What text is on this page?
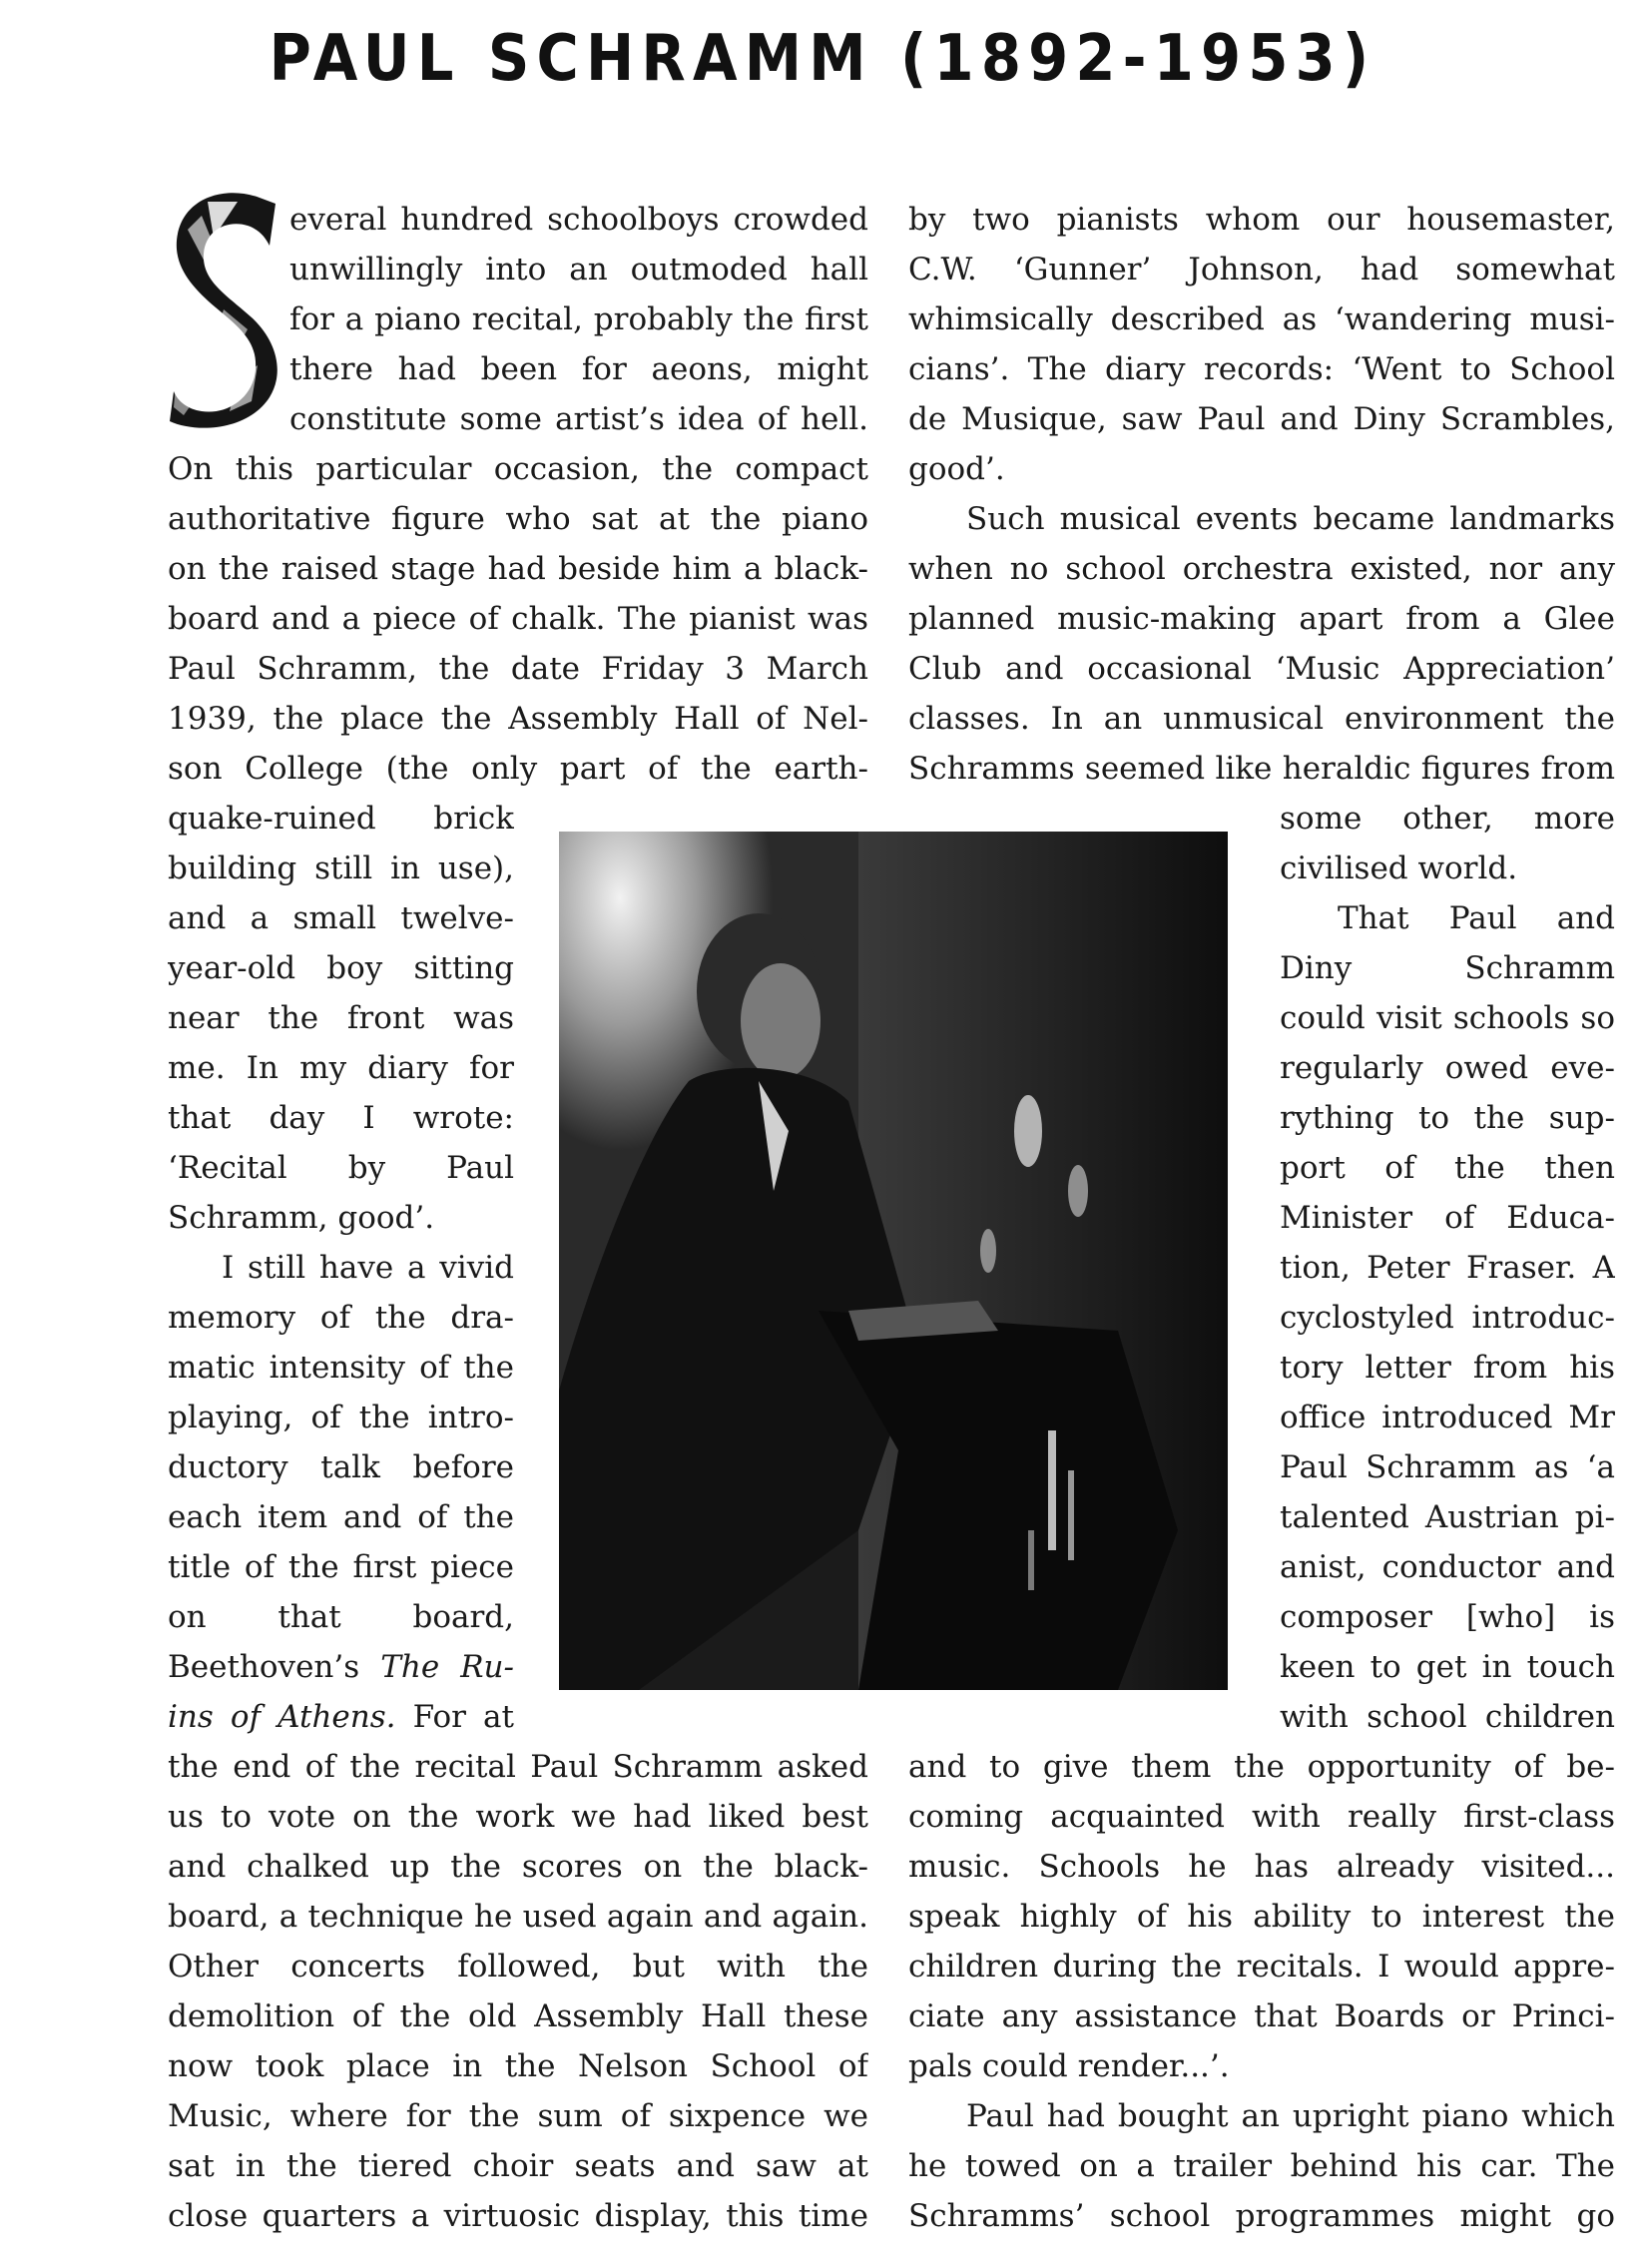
PAUL SCHRAMM (1892-1953)
everal hundred schoolboys crowded
unwillingly into an outmoded hall
for a piano recital, probably the first
there had been for aeons, might
constitute some artist’s idea of hell.
On this particular occasion, the compact
authoritative figure who sat at the piano
on the raised stage had beside him a black-
board and a piece of chalk. The pianist was
Paul Schramm, the date Friday 3 March
1939, the place the Assembly Hall of Nel-
son College (the only part of the earth-
quake-ruined brick
building still in use),
and a small twelve-
year-old boy sitting
near the front was
me. In my diary for
that day I wrote:
‘Recital by Paul
Schramm, good’.
I still have a vivid
memory of the dra-
matic intensity of the
playing, of the intro-
ductory talk before
each item and of the
title of the first piece
on that board,
Beethoven’s The Ru-
ins of Athens. For at
the end of the recital Paul Schramm asked
us to vote on the work we had liked best
and chalked up the scores on the black-
board, a technique he used again and again.
Other concerts followed, but with the
demolition of the old Assembly Hall these
now took place in the Nelson School of
Music, where for the sum of sixpence we
sat in the tiered choir seats and saw at
close quarters a virtuosic display, this time
by two pianists whom our housemaster,
C.W. ‘Gunner’ Johnson, had somewhat
whimsically described as ‘wandering musi-
cians’. The diary records: ‘Went to School
de Musique, saw Paul and Diny Scrambles,
good’.
Such musical events became landmarks
when no school orchestra existed, nor any
planned music-making apart from a Glee
Club and occasional ‘Music Appreciation’
classes. In an unmusical environment the
Schramms seemed like heraldic figures from
some other, more
civilised world.
That Paul and
Diny Schramm
could visit schools so
regularly owed eve-
rything to the sup-
port of the then
Minister of Educa-
tion, Peter Fraser. A
cyclostyled introduc-
tory letter from his
office introduced Mr
Paul Schramm as ‘a
talented Austrian pi-
anist, conductor and
composer [who] is
keen to get in touch
with school children
and to give them the opportunity of be-
coming acquainted with really first-class
music. Schools he has already visited...
speak highly of his ability to interest the
children during the recitals. I would appre-
ciate any assistance that Boards or Princi-
pals could render...’.
Paul had bought an upright piano which
he towed on a trailer behind his car. The
Schramms’ school programmes might go
